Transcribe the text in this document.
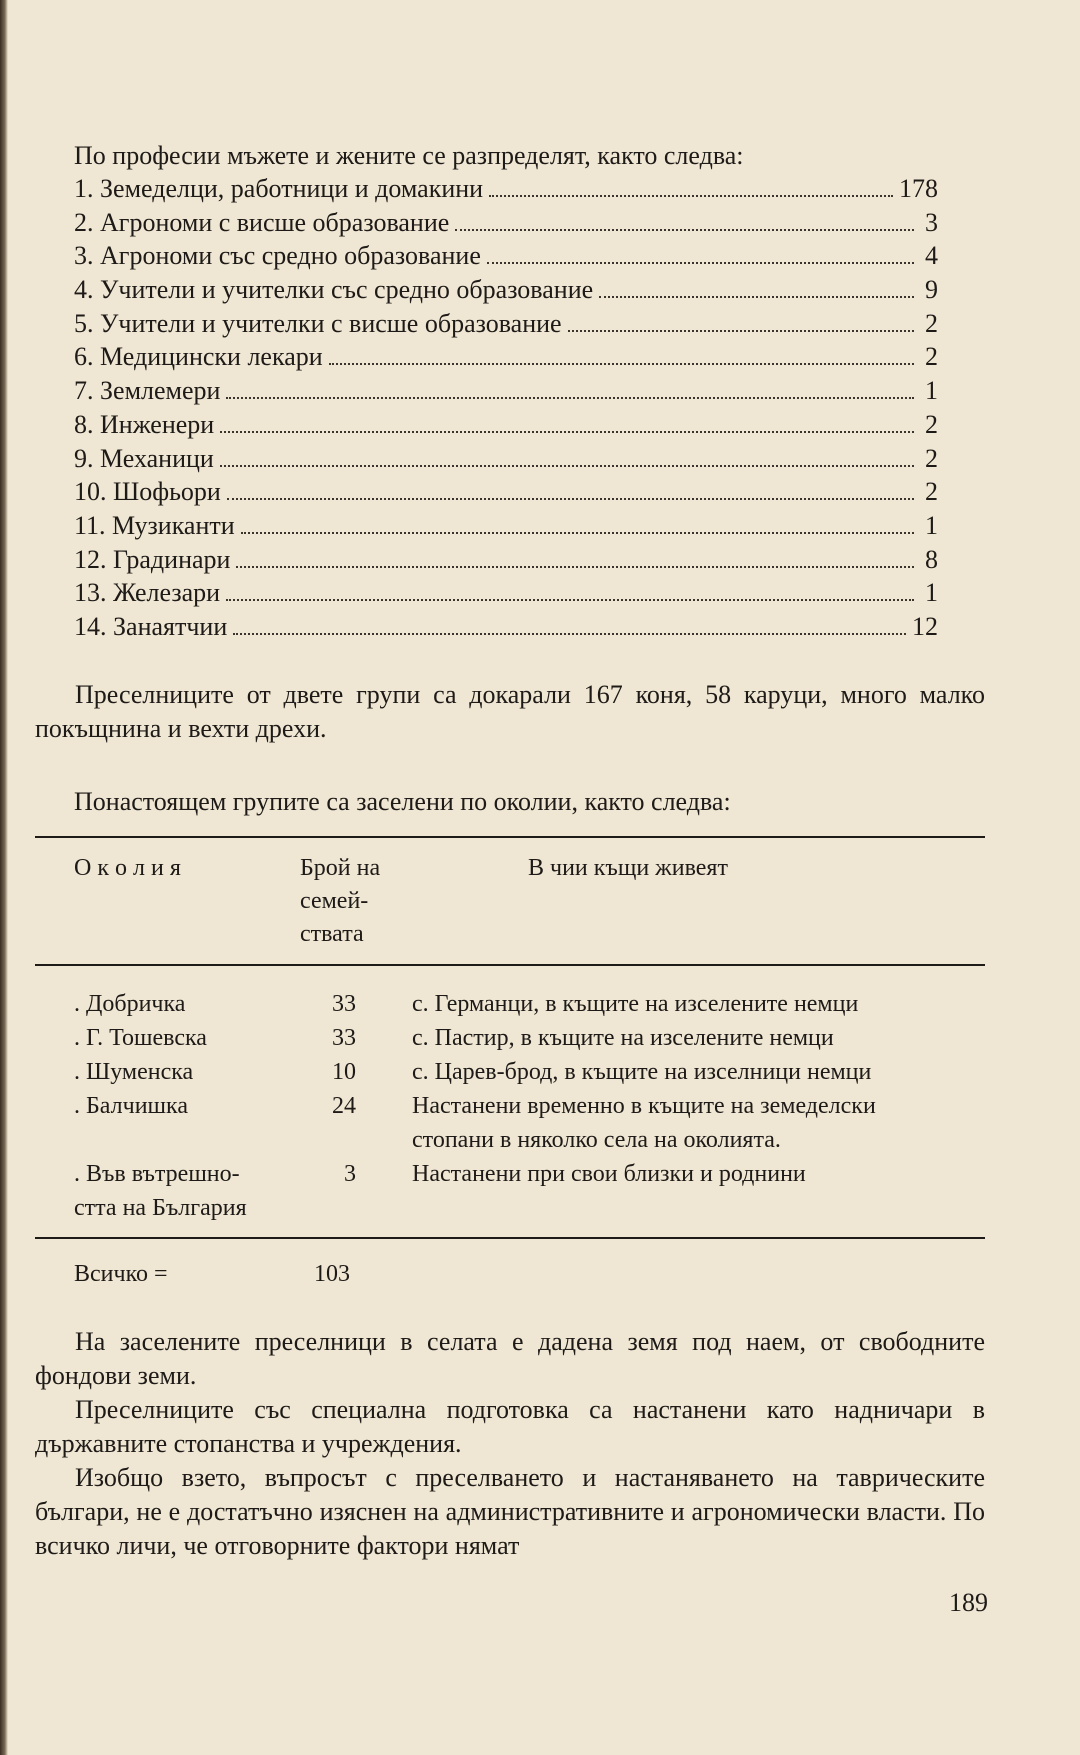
По професии мъжете и жените се разпределят, както следва:
1. Земеделци, работници и домакини	178
2. Агрономи с висше образование	3
3. Агрономи със средно образование	4
4. Учители и учителки със средно образование	9
5. Учители и учителки с висше образование	2
6. Медицински лекари	2
7. Землемери	1
8. Инженери	2
9. Механици	2
10. Шофьори	2
11. Музиканти	1
12. Градинари	8
13. Железари	1
14. Занаятчии	12

Преселниците от двете групи са докарали 167 коня, 58 каруци, много малко покъщнина и вехти дрехи.

Понастоящем групите са заселени по околии, както следва:

О к о л и я	Брой на
семей-
ствата
В чии къщи живеят
. Добричка	33 с. Германци, в къщите на изселените немци
. Г. Тошевска	33 с. Пастир, в къщите на изселените немци
. Шуменска	10 с. Царев-брод, в къщите на изселници немци
. Балчишка	24 Настанени временно в къщите на земеделски
стопани в няколко села на околията.
. Във вътрешно-
стта на България
3 Настанени при свои близки и роднини
Всичко =	103

На заселените преселници в селата е дадена земя под наем, от свободните фондови земи.

Преселниците със специална подготовка са настанени като надничари в държавните стопанства и учреждения.

Изобщо взето, въпросът с преселването и настаняването на таврическите българи, не е достатъчно изяснен на административните и агрономически власти. По всичко личи, че отговорните фактори нямат

189
